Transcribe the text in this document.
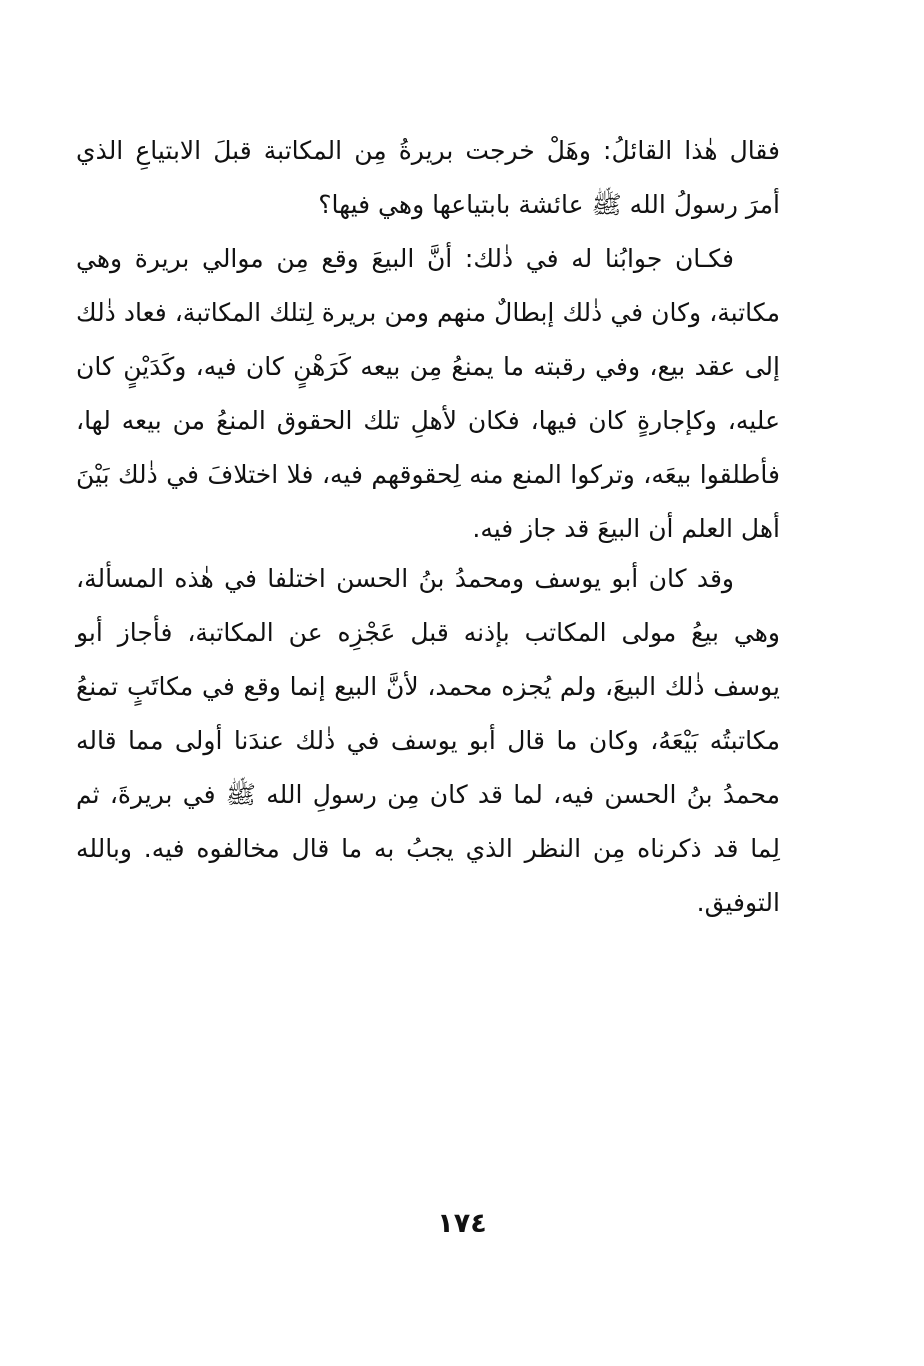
فقال هٰذا القائلُ: وهَلْ خرجت بريرةُ مِن المكاتبة قبلَ الابتياعِ الذي أمرَ رسولُ الله ﷺ عائشة بابتياعها وهي فيها؟
فكـان جوابُنا له في ذٰلك: أنَّ البيعَ وقع مِن موالي بريرة وهي مكاتبة، وكان في ذٰلك إبطالٌ منهم ومن بريرة لِتلك المكاتبة، فعاد ذٰلك إلى عقد بيع، وفي رقبته ما يمنعُ مِن بيعه كَرَهْنٍ كان فيه، وكَدَيْنٍ كان عليه، وكإجارةٍ كان فيها، فكان لأهلِ تلك الحقوق المنعُ من بيعه لها، فأطلقوا بيعَه، وتركوا المنع منه لِحقوقهم فيه، فلا اختلافَ في ذٰلك بَيْنَ أهل العلم أن البيعَ قد جاز فيه.
وقد كان أبو يوسف ومحمدُ بنُ الحسن اختلفا في هٰذه المسألة، وهي بيعُ مولى المكاتب بإذنه قبل عَجْزِه عن المكاتبة، فأجاز أبو يوسف ذٰلك البيعَ، ولم يُجزه محمد، لأنَّ البيع إنما وقع في مكاتَبٍ تمنعُ مكاتبتُه بَيْعَهُ، وكان ما قال أبو يوسف في ذٰلك عندَنا أولى مما قاله محمدُ بنُ الحسن فيه، لما قد كان مِن رسولِ الله ﷺ في بريرةَ، ثم لِما قد ذكرناه مِن النظر الذي يجبُ به ما قال مخالفوه فيه. وبالله التوفيق.
١٧٤
